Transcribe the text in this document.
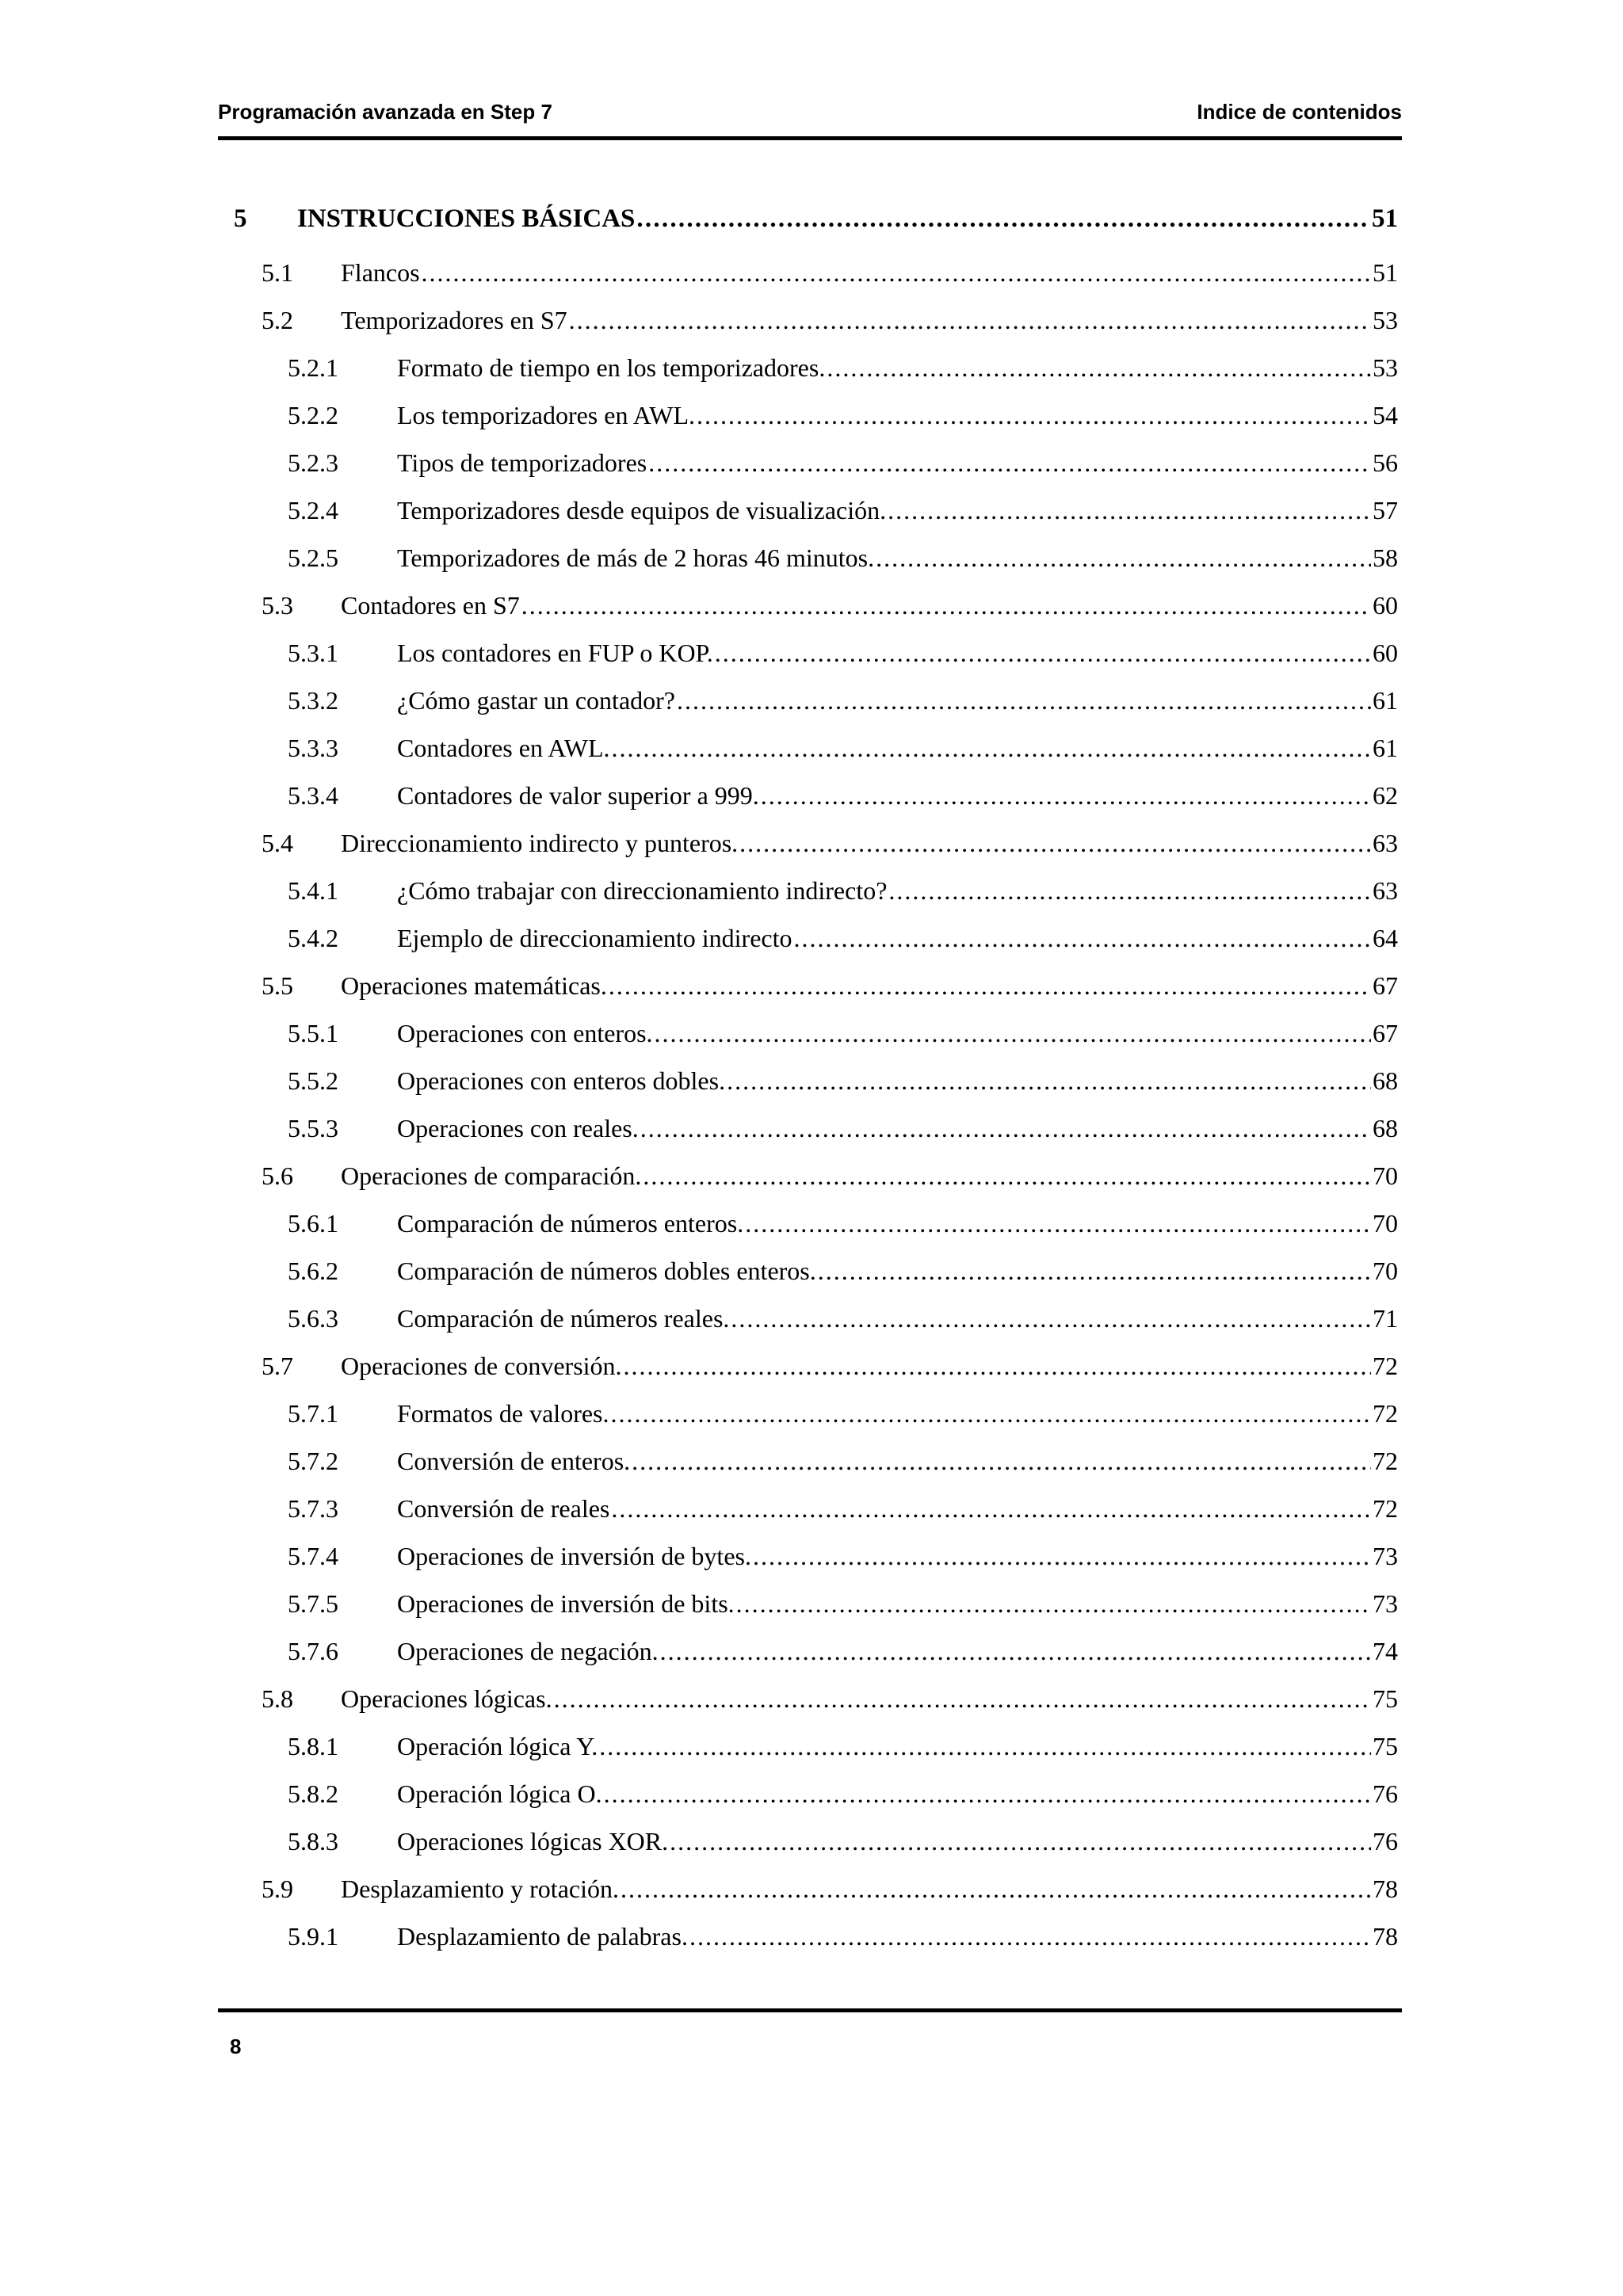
Programación avanzada en Step 7	Indice de contenidos
5	INSTRUCCIONES BÁSICAS . . .	51
5.1	Flancos . . .	51
5.2	Temporizadores en S7 . . .	53
5.2.1	Formato de tiempo en los temporizadores. . . .	53
5.2.2	Los temporizadores en AWL. . . .	54
5.2.3	Tipos de temporizadores . . .	56
5.2.4	Temporizadores desde equipos de visualización. . . .	57
5.2.5	Temporizadores de más de 2 horas 46 minutos. . . .	58
5.3	Contadores en S7 . . .	60
5.3.1	Los contadores en FUP o KOP. . . .	60
5.3.2	¿Cómo gastar un contador? . . .	61
5.3.3	Contadores en AWL. . . .	61
5.3.4	Contadores de valor superior a 999. . . .	62
5.4	Direccionamiento indirecto y punteros. . . .	63
5.4.1	¿Cómo trabajar con direccionamiento indirecto? . . .	63
5.4.2	Ejemplo de direccionamiento indirecto . . .	64
5.5	Operaciones matemáticas. . . .	67
5.5.1	Operaciones con enteros. . . .	67
5.5.2	Operaciones con enteros dobles. . . .	68
5.5.3	Operaciones con reales. . . .	68
5.6	Operaciones de comparación. . . .	70
5.6.1	Comparación de números enteros. . . .	70
5.6.2	Comparación de números dobles enteros. . . .	70
5.6.3	Comparación de números reales. . . .	71
5.7	Operaciones de conversión. . . .	72
5.7.1	Formatos de valores. . . .	72
5.7.2	Conversión de enteros. . . .	72
5.7.3	Conversión de reales . . .	72
5.7.4	Operaciones de inversión de bytes. . . .	73
5.7.5	Operaciones de inversión de bits. . . .	73
5.7.6	Operaciones de negación. . . .	74
5.8	Operaciones lógicas. . . .	75
5.8.1	Operación lógica Y. . . .	75
5.8.2	Operación lógica O. . . .	76
5.8.3	Operaciones lógicas XOR. . . .	76
5.9	Desplazamiento y rotación. . . .	78
5.9.1	Desplazamiento de palabras. . . .	78
8
